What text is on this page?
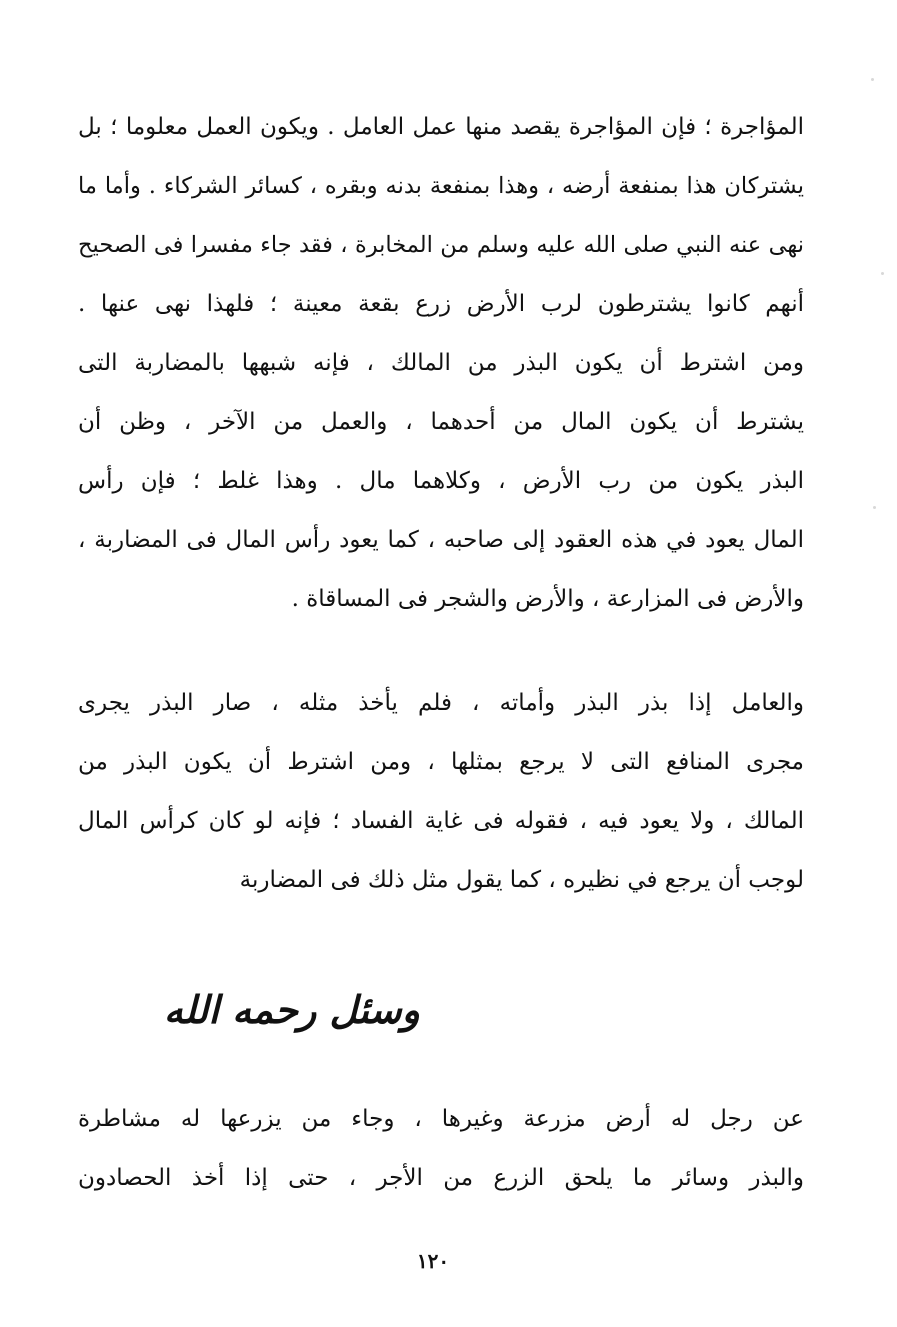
المؤاجرة ؛ فإن المؤاجرة يقصد منها عمل العامل . ويكون العمل معلوما ؛ بل
يشتركان هذا بمنفعة أرضه ، وهذا بمنفعة بدنه وبقره ، كسائر الشركاء . وأما ما
نهى عنه النبي صلى الله عليه وسلم من المخابرة ، فقد جاء مفسرا فى الصحيح
أنهم كانوا يشترطون لرب الأرض زرع بقعة معينة ؛ فلهذا نهى عنها .
ومن اشترط أن يكون البذر من المالك ، فإنه شبهها بالمضاربة التى
يشترط أن يكون المال من أحدهما ، والعمل من الآخر ، وظن أن
البذر يكون من رب الأرض ، وكلاهما مال . وهذا غلط ؛ فإن رأس
المال يعود في هذه العقود إلى صاحبه ، كما يعود رأس المال فى المضاربة ،
والأرض فى المزارعة ، والأرض والشجر فى المساقاة .
والعامل إذا بذر البذر وأماته ، فلم يأخذ مثله ، صار البذر يجرى
مجرى المنافع التى لا يرجع بمثلها ، ومن اشترط أن يكون البذر من
المالك ، ولا يعود فيه ، فقوله فى غاية الفساد ؛ فإنه لو كان كرأس المال
لوجب أن يرجع في نظيره ، كما يقول مثل ذلك فى المضاربة
وسئل رحمه الله
عن رجل له أرض مزرعة وغيرها ، وجاء من يزرعها له مشاطرة
والبذر وسائر ما يلحق الزرع من الأجر ، حتى إذا أخذ الحصادون
١٢٠
